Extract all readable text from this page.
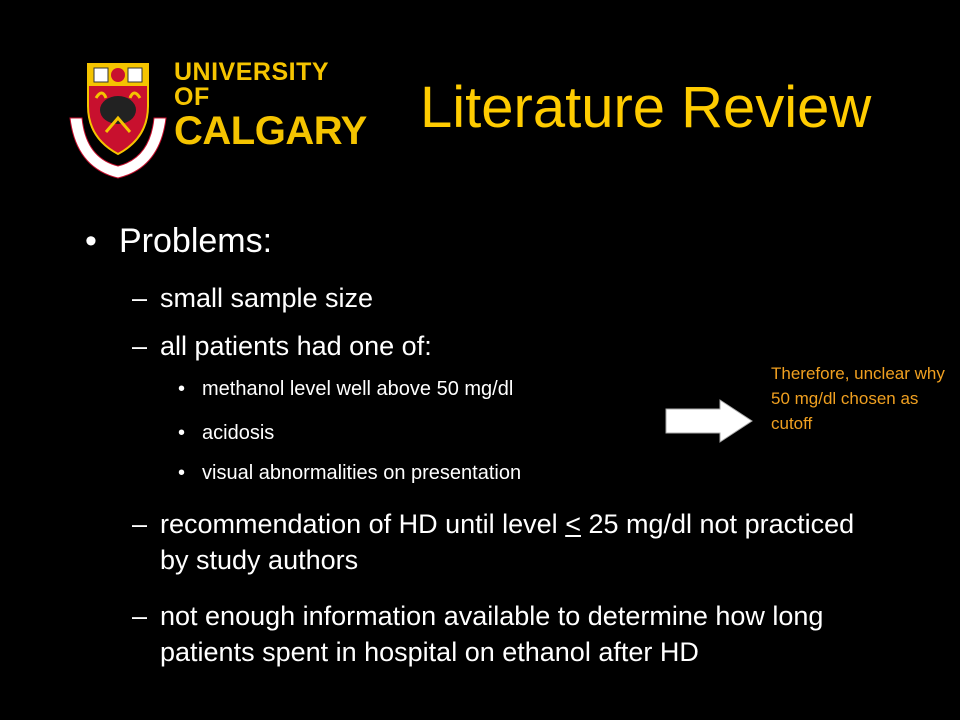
UNIVERSITY OF
CALGARY Literature Review
• Problems:
– small sample size
– all patients had one of:
• methanol level well above 50 mg/dl
• acidosis
• visual abnormalities on presentation
– recommendation of HD until level ≤ 25 mg/dl not practiced by study authors
– not enough information available to determine how long patients spent in hospital on ethanol after HD
Therefore, unclear why 50 mg/dl chosen as cutoff
